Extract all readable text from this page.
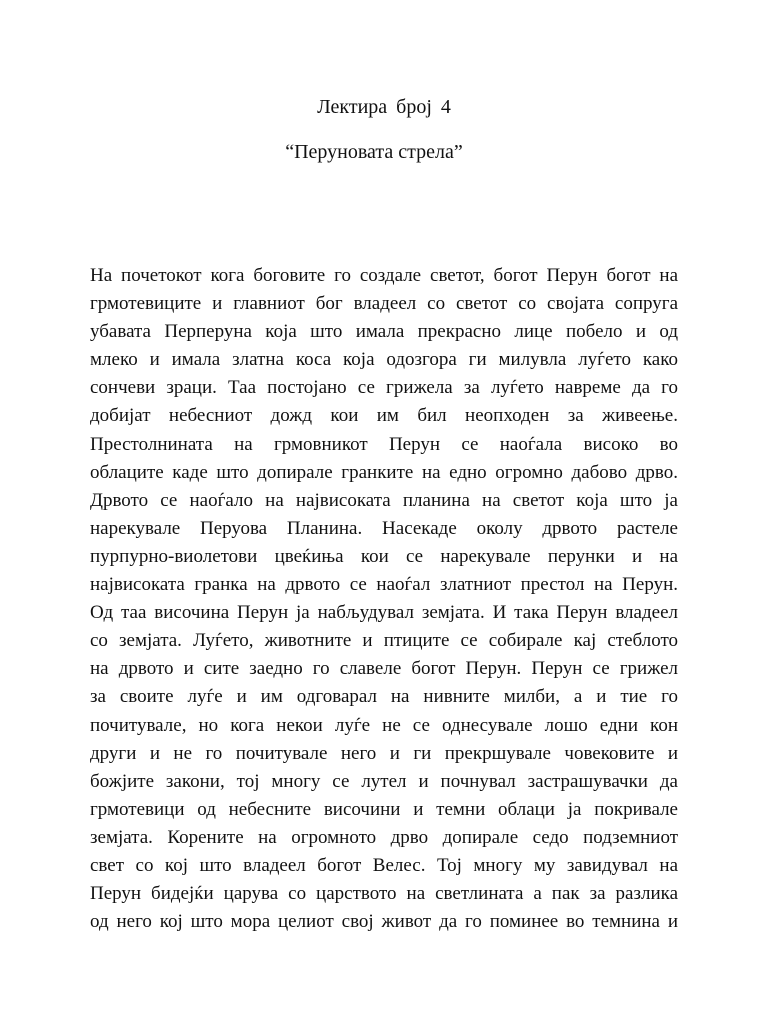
Лектира број 4
“Перуновата стрела”
На почетокот кога боговите го создале светот, богот Перун богот на
грмотевиците и главниот бог владеел со светот со својата сопруга
убавата Перперуна која што имала прекрасно лице побело и од
млеко и имала златна коса која одозгора ги милувла луѓето како
сончеви зраци. Таа постојано се грижела за луѓето навреме да го
добијат небесниот дожд кои им бил неопходен за живеење.
Престолнината на грмовникот Перун се наоѓала високо во
облаците каде што допирале гранките на едно огромно дабово дрво.
Дрвото се наоѓало на највисоката планина на светот која што ја
нарекувале Перуова Планина. Насекаде околу дрвото растеле
пурпурно-виолетови цвеќиња кои се нарекувале перунки и на
највисоката гранка на дрвото се наоѓал златниот престол на Перун.
Од таа височина Перун ја набљудувал земјата. И така Перун владеел
со земјата. Луѓето, животните и птиците се собирале кај стеблото
на дрвото и сите заедно го славеле богот Перун. Перун се грижел
за своите луѓе и им одговарал на нивните милби, а и тие го
почитувале, но кога некои луѓе не се однесувале лошо едни кон
други и не го почитувале него и ги прекршувале човековите и
божјите закони, тој многу се лутел и почнувал застрашувачки да
грмотевици од небесните височини и темни облаци ја покривале
земјата. Корените на огромното дрво допирале седо подземниот
свет со кој што владеел богот Велес. Тој многу му завидувал на
Перун бидејќи царува со царството на светлината а пак за разлика
од него кој што мора целиот свој живот да го поминее во темнина и
